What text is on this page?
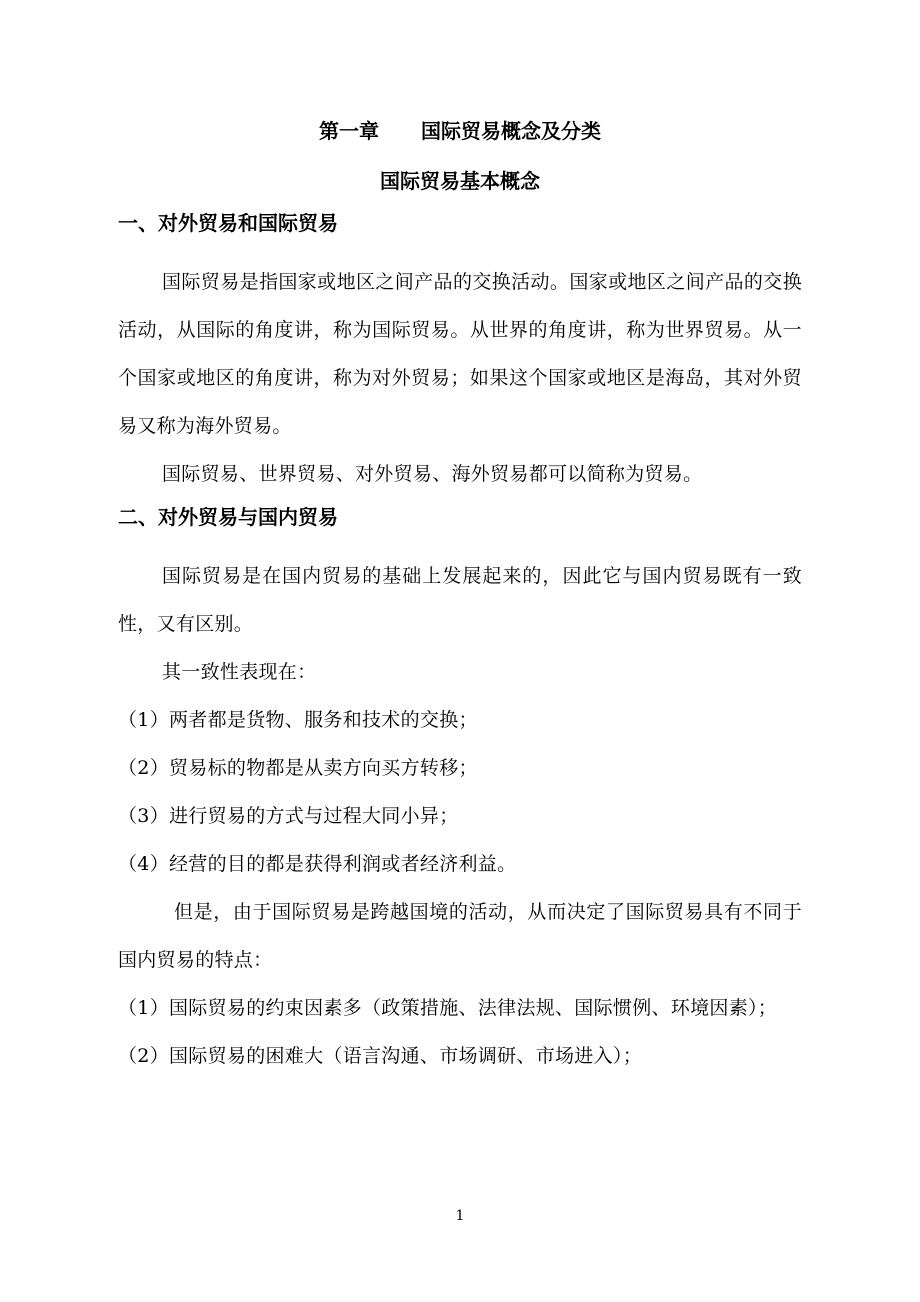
第一章 国际贸易概念及分类
国际贸易基本概念
一、对外贸易和国际贸易

国际贸易是指国家或地区之间产品的交换活动。国家或地区之间产品的交换活动，从国际的角度讲，称为国际贸易。从世界的角度讲，称为世界贸易。从一个国家或地区的角度讲，称为对外贸易；如果这个国家或地区是海岛，其对外贸易又称为海外贸易。

国际贸易、世界贸易、对外贸易、海外贸易都可以简称为贸易。

二、对外贸易与国内贸易

国际贸易是在国内贸易的基础上发展起来的，因此它与国内贸易既有一致性，又有区别。

其一致性表现在：

（1）两者都是货物、服务和技术的交换；

（2）贸易标的物都是从卖方向买方转移；

（3）进行贸易的方式与过程大同小异；

（4）经营的目的都是获得利润或者经济利益。

但是，由于国际贸易是跨越国境的活动，从而决定了国际贸易具有不同于国内贸易的特点：

（1）国际贸易的约束因素多（政策措施、法律法规、国际惯例、环境因素）；

（2）国际贸易的困难大（语言沟通、市场调研、市场进入）；

1
